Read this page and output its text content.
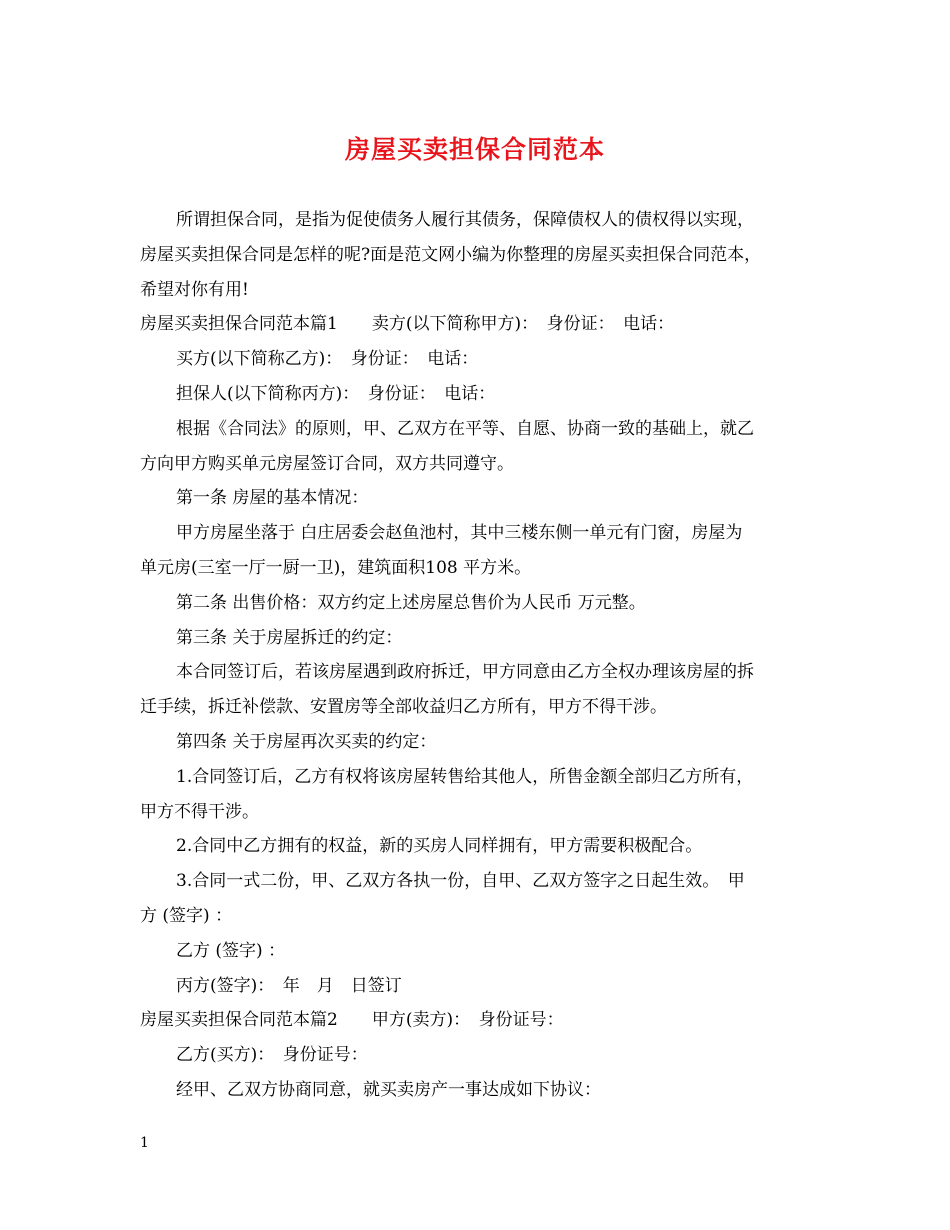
房屋买卖担保合同范本
所谓担保合同，是指为促使债务人履行其债务，保障债权人的债权得以实现，
房屋买卖担保合同是怎样的呢?面是范文网小编为你整理的房屋买卖担保合同范本，
希望对你有用!
房屋买卖担保合同范本篇1　　卖方(以下简称甲方)：　身份证：　电话：
买方(以下简称乙方)：　身份证：　电话：
担保人(以下简称丙方)：　身份证：　电话：
根据《合同法》的原则，甲、乙双方在平等、自愿、协商一致的基础上，就乙
方向甲方购买单元房屋签订合同，双方共同遵守。
第一条 房屋的基本情况：
甲方房屋坐落于 白庄居委会赵鱼池村，其中三楼东侧一单元有门窗，房屋为
单元房(三室一厅一厨一卫)，建筑面积108 平方米。
第二条 出售价格：双方约定上述房屋总售价为人民币 万元整。
第三条 关于房屋拆迁的约定：
本合同签订后，若该房屋遇到政府拆迁，甲方同意由乙方全权办理该房屋的拆
迁手续，拆迁补偿款、安置房等全部收益归乙方所有，甲方不得干涉。
第四条 关于房屋再次买卖的约定：
1.合同签订后，乙方有权将该房屋转售给其他人，所售金额全部归乙方所有，
甲方不得干涉。
2.合同中乙方拥有的权益，新的买房人同样拥有，甲方需要积极配合。
3.合同一式二份，甲、乙双方各执一份，自甲、乙双方签字之日起生效。　甲
方 (签字) ：
乙方 (签字) ：
丙方(签字)：　年　月　日签订
房屋买卖担保合同范本篇2　　甲方(卖方)：　身份证号：
乙方(买方)：　身份证号：
经甲、乙双方协商同意，就买卖房产一事达成如下协议：
1
